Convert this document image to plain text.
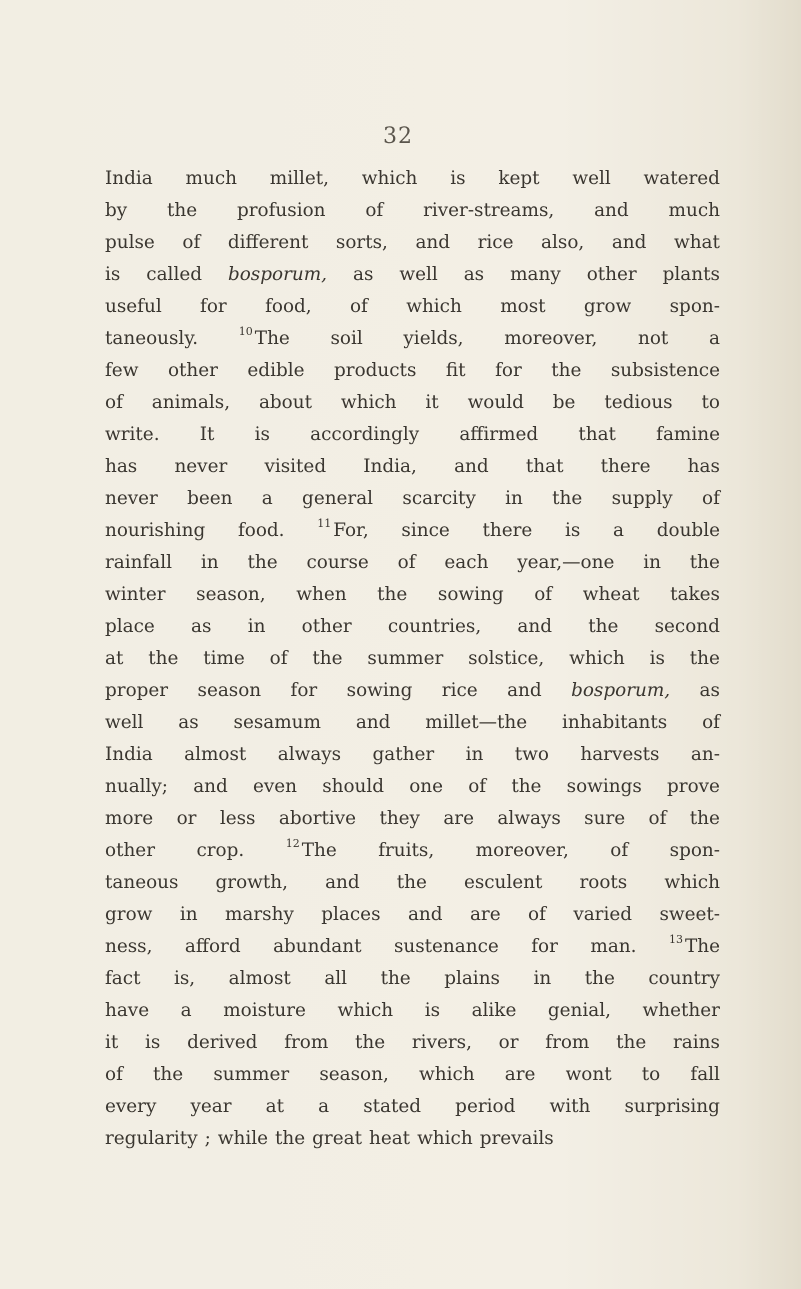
32
India much millet, which is kept well watered
by the profusion of river-streams, and much
pulse of different sorts, and rice also, and what
is called bosporum, as well as many other plants
useful for food, of which most grow spon-
taneously.	$^{10}$ The soil yields, moreover, not a
few other edible products fit for the subsistence
of animals, about which it would be tedious to
write. It is accordingly affirmed that famine
has never visited India, and that there has
never been a general scarcity in the supply of
nourishing food.	$^{11}$ For, since there is a double
rainfall in the course of each year,—one in the
winter season, when the sowing of wheat takes
place as in other countries, and the second
at the time of the summer solstice, which is the
proper season for sowing rice and bosporum, as
well as sesamum and millet—the inhabitants of
India almost always gather in two harvests an-
nually; and even should one of the sowings prove
more or less abortive they are always sure of the
other crop.	$^{12}$ The fruits, moreover, of spon-
taneous growth, and the esculent roots which
grow in marshy places and are of varied sweet-
ness, afford abundant sustenance for man.	$^{13}$ The
fact is, almost all the plains in the country
have a moisture which is alike genial, whether
it is derived from the rivers, or from the rains
of the summer season, which are wont to fall
every year at a stated period with surprising
regularity ; while the great heat which prevails
